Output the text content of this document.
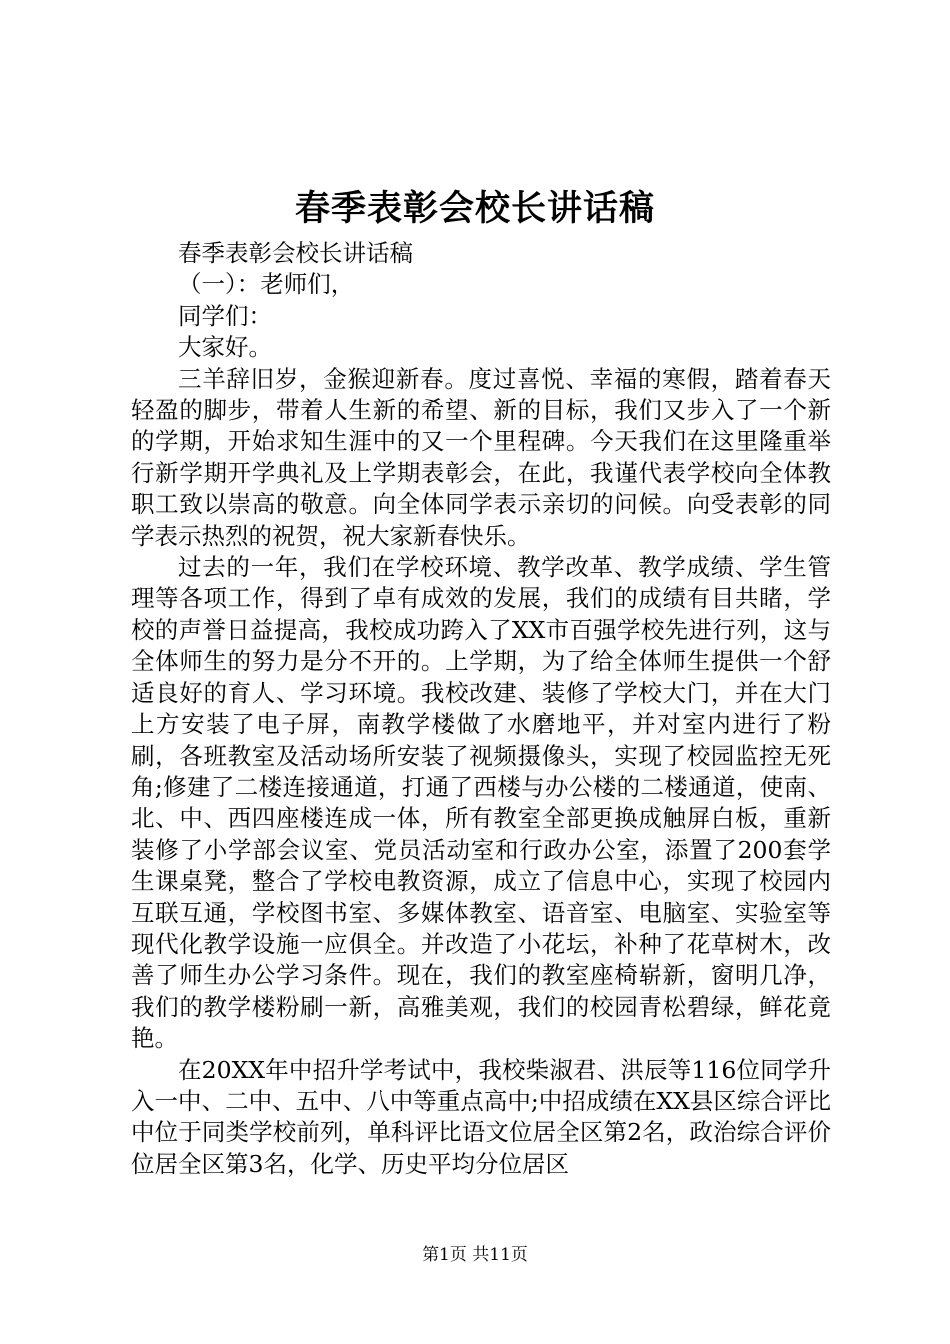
春季表彰会校长讲话稿

春季表彰会校长讲话稿

（一）：老师们，

同学们：

大家好。

三羊辞旧岁，金猴迎新春。度过喜悦、幸福的寒假，踏着春天轻盈的脚步，带着人生新的希望、新的目标，我们又步入了一个新的学期，开始求知生涯中的又一个里程碑。今天我们在这里隆重举行新学期开学典礼及上学期表彰会，在此，我谨代表学校向全体教职工致以崇高的敬意。向全体同学表示亲切的问候。向受表彰的同学表示热烈的祝贺，祝大家新春快乐。

过去的一年，我们在学校环境、教学改革、教学成绩、学生管理等各项工作，得到了卓有成效的发展，我们的成绩有目共睹，学校的声誉日益提高，我校成功跨入了XX市百强学校先进行列，这与全体师生的努力是分不开的。上学期，为了给全体师生提供一个舒适良好的育人、学习环境。我校改建、装修了学校大门，并在大门上方安装了电子屏，南教学楼做了水磨地平，并对室内进行了粉刷，各班教室及活动场所安装了视频摄像头，实现了校园监控无死角;修建了二楼连接通道，打通了西楼与办公楼的二楼通道，使南、北、中、西四座楼连成一体，所有教室全部更换成触屏白板，重新装修了小学部会议室、党员活动室和行政办公室，添置了200套学生课桌凳，整合了学校电教资源，成立了信息中心，实现了校园内互联互通，学校图书室、多媒体教室、语音室、电脑室、实验室等现代化教学设施一应俱全。并改造了小花坛，补种了花草树木，改善了师生办公学习条件。现在，我们的教室座椅崭新，窗明几净，我们的教学楼粉刷一新，高雅美观，我们的校园青松碧绿，鲜花竟艳。

在20XX年中招升学考试中，我校柴淑君、洪辰等116位同学升入一中、二中、五中、八中等重点高中;中招成绩在XX县区综合评比中位于同类学校前列，单科评比语文位居全区第2名，政治综合评价位居全区第3名，化学、历史平均分位居区

第1页 共11页
